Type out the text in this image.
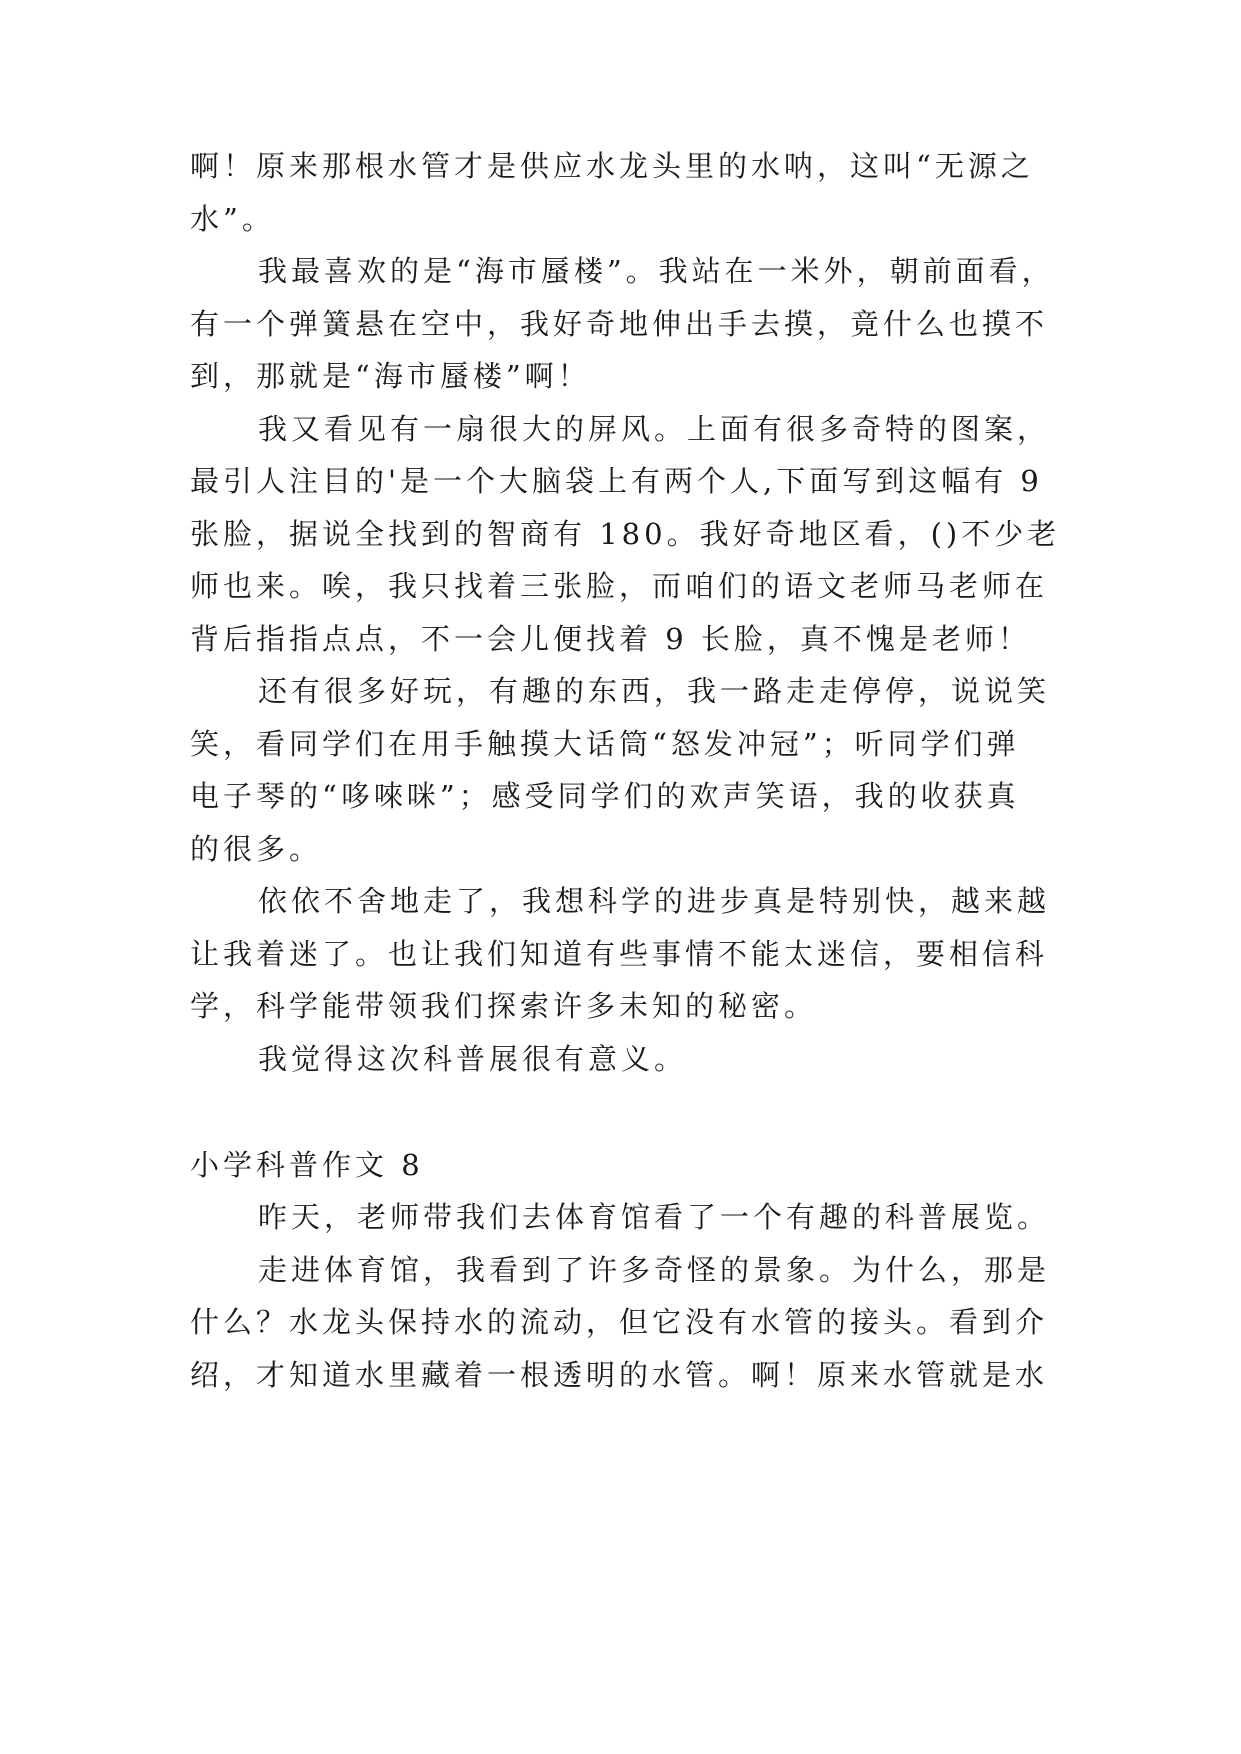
啊！原来那根水管才是供应水龙头里的水呐，这叫“无源之

水”。

我最喜欢的是“海市蜃楼”。我站在一米外，朝前面看，

有一个弹簧悬在空中，我好奇地伸出手去摸，竟什么也摸不

到，那就是“海市蜃楼”啊！

我又看见有一扇很大的屏风。上面有很多奇特的图案，

最引人注目的'是一个大脑袋上有两个人,下面写到这幅有 9

张脸，据说全找到的智商有 180。我好奇地区看，()不少老

师也来。唉，我只找着三张脸，而咱们的语文老师马老师在

背后指指点点，不一会儿便找着 9 长脸，真不愧是老师！

还有很多好玩，有趣的东西，我一路走走停停，说说笑

笑，看同学们在用手触摸大话筒“怒发冲冠”；听同学们弹

电子琴的“哆唻咪”；感受同学们的欢声笑语，我的收获真

的很多。

依依不舍地走了，我想科学的进步真是特别快，越来越

让我着迷了。也让我们知道有些事情不能太迷信，要相信科

学，科学能带领我们探索许多未知的秘密。

我觉得这次科普展很有意义。

小学科普作文 8

昨天，老师带我们去体育馆看了一个有趣的科普展览。

走进体育馆，我看到了许多奇怪的景象。为什么，那是

什么？水龙头保持水的流动，但它没有水管的接头。看到介

绍，才知道水里藏着一根透明的水管。啊！原来水管就是水
